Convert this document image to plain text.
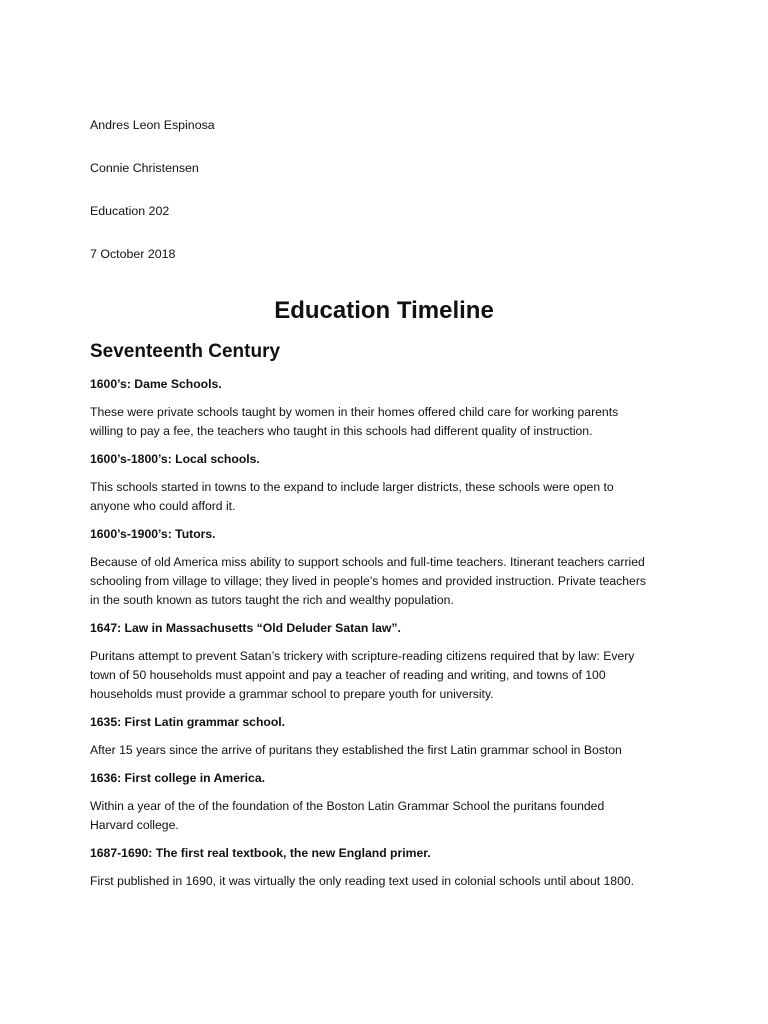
Andres Leon Espinosa
Connie Christensen
Education 202
7 October 2018
Education Timeline
Seventeenth Century
1600’s: Dame Schools.
These were private schools taught by women in their homes offered child care for working parents
willing to pay a fee, the teachers who taught in this schools had different quality of instruction.
1600’s-1800’s: Local schools.
This schools started in towns to the expand to include larger districts, these schools were open to
anyone who could afford it.
1600’s-1900’s: Tutors.
Because of old America miss ability to support schools and full-time teachers. Itinerant teachers carried
schooling from village to village; they lived in people’s homes and provided instruction. Private teachers
in the south known as tutors taught the rich and wealthy population.
1647: Law in Massachusetts “Old Deluder Satan law”.
Puritans attempt to prevent Satan’s trickery with scripture-reading citizens required that by law: Every
town of 50 households must appoint and pay a teacher of reading and writing, and towns of 100
households must provide a grammar school to prepare youth for university.
1635: First Latin grammar school.
After 15 years since the arrive of puritans they established the first Latin grammar school in Boston
1636: First college in America.
Within a year of the of the foundation of the Boston Latin Grammar School the puritans founded
Harvard college.
1687-1690: The first real textbook, the new England primer.
First published in 1690, it was virtually the only reading text used in colonial schools until about 1800.
